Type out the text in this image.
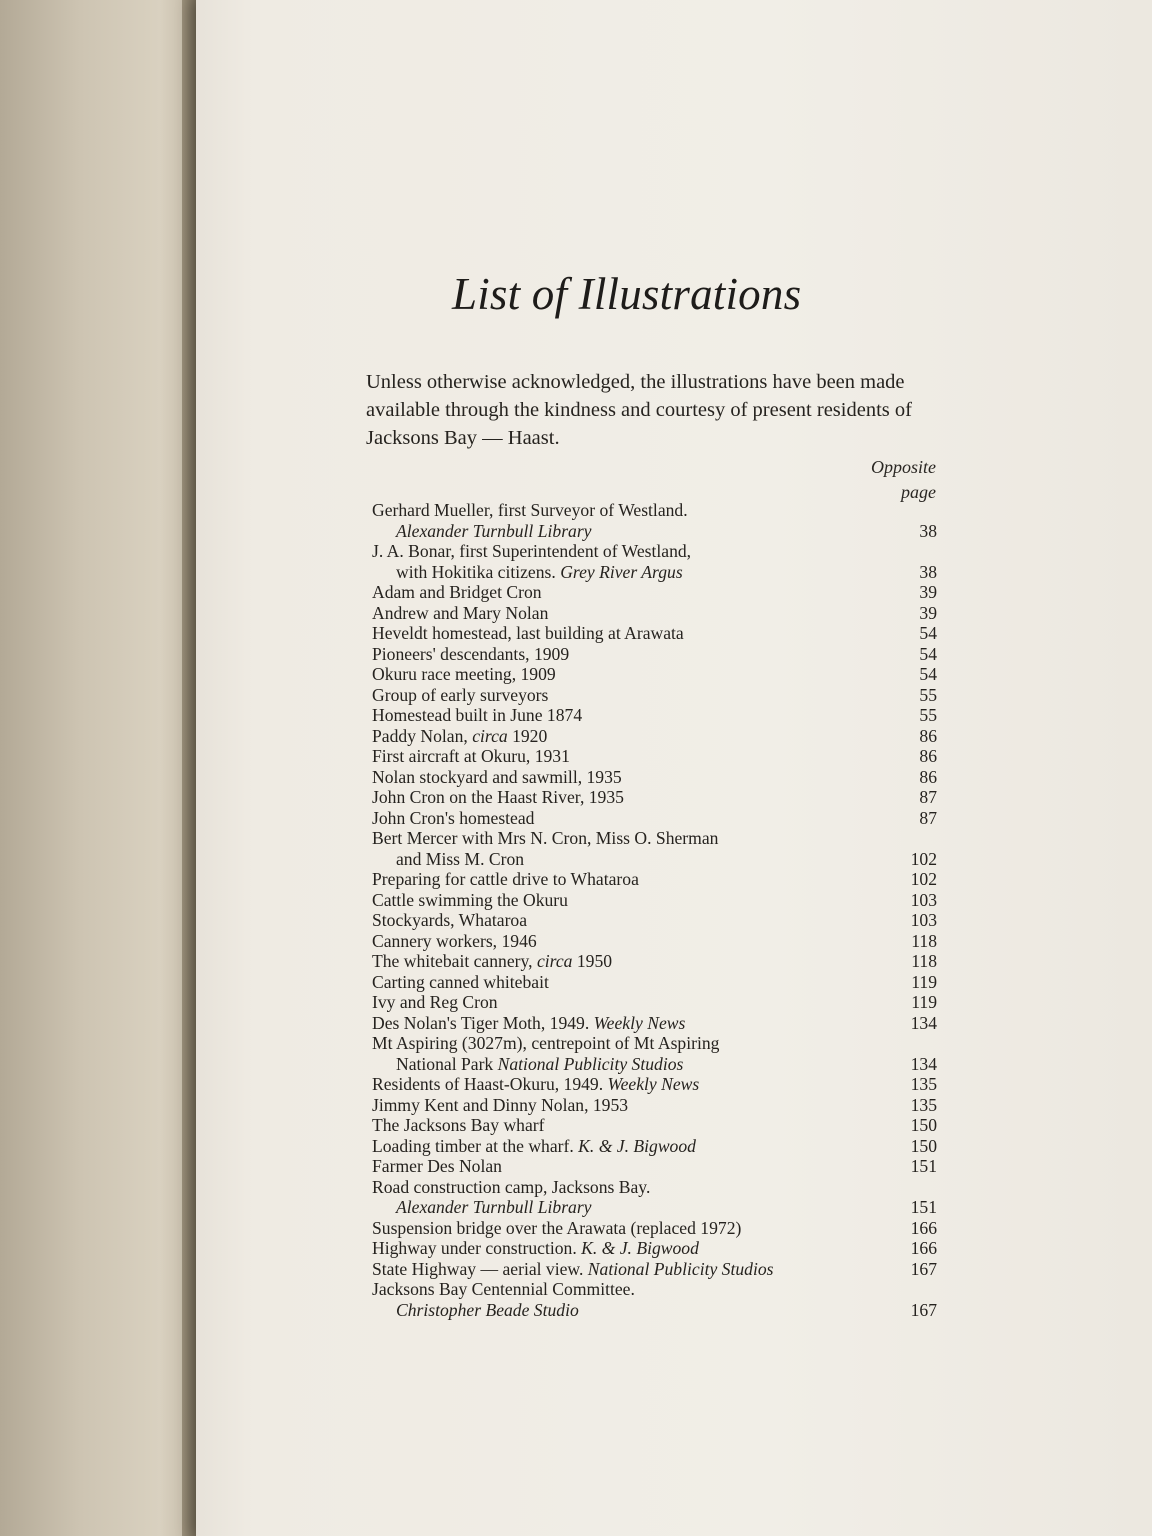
List of Illustrations
Unless otherwise acknowledged, the illustrations have been made
available through the kindness and courtesy of present residents of
Jacksons Bay — Haast.
Opposite
page
Gerhard Mueller, first Surveyor of Westland.
Alexander Turnbull Library	38
J. A. Bonar, first Superintendent of Westland,
with Hokitika citizens. Grey River Argus	38
Adam and Bridget Cron	39
Andrew and Mary Nolan	39
Heveldt homestead, last building at Arawata	54
Pioneers' descendants, 1909	54
Okuru race meeting, 1909	54
Group of early surveyors	55
Homestead built in June 1874	55
Paddy Nolan, circa 1920	86
First aircraft at Okuru, 1931	86
Nolan stockyard and sawmill, 1935	86
John Cron on the Haast River, 1935	87
John Cron's homestead	87
Bert Mercer with Mrs N. Cron, Miss O. Sherman
and Miss M. Cron	102
Preparing for cattle drive to Whataroa	102
Cattle swimming the Okuru	103
Stockyards, Whataroa	103
Cannery workers, 1946	118
The whitebait cannery, circa 1950	118
Carting canned whitebait	119
Ivy and Reg Cron	119
Des Nolan's Tiger Moth, 1949. Weekly News	134
Mt Aspiring (3027m), centrepoint of Mt Aspiring
National Park National Publicity Studios	134
Residents of Haast-Okuru, 1949. Weekly News	135
Jimmy Kent and Dinny Nolan, 1953	135
The Jacksons Bay wharf	150
Loading timber at the wharf. K. & J. Bigwood	150
Farmer Des Nolan	151
Road construction camp, Jacksons Bay.
Alexander Turnbull Library	151
Suspension bridge over the Arawata (replaced 1972)	166
Highway under construction. K. & J. Bigwood	166
State Highway — aerial view. National Publicity Studios	167
Jacksons Bay Centennial Committee.
Christopher Beade Studio	167
